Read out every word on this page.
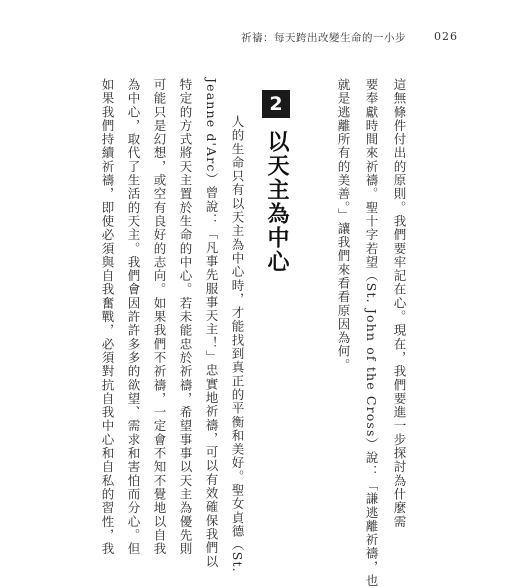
祈禱：每天跨出改變生命的一小步	026
這無條件付出的原則。我們要牢記在心。現在，我們要進一步探討為什麼需
要奉獻時間來祈禱。聖十字若望（St. John of the Cross）說：「謙逃離祈禱，也
就是逃離所有的美善。」讓我們來看看原因為何。
2
以天主為中心
人的生命只有以天主為中心時，才能找到真正的平衡和美好。聖女貞德（St.
Jeanne d'Arc）曾說：「凡事先服事天主！」忠實地祈禱，可以有效確保我們以
特定的方式將天主置於生命的中心。若未能忠於祈禱，希望事事以天主為優先則
可能只是幻想，或空有良好的志向。如果我們不祈禱，一定會不知不覺地以自我
為中心，取代了生活的天主。我們會因許許多多的欲望、需求和害怕而分心。但
如果我們持續祈禱，即使必須與自我奮戰，必須對抗自我中心和自私的習性，我
